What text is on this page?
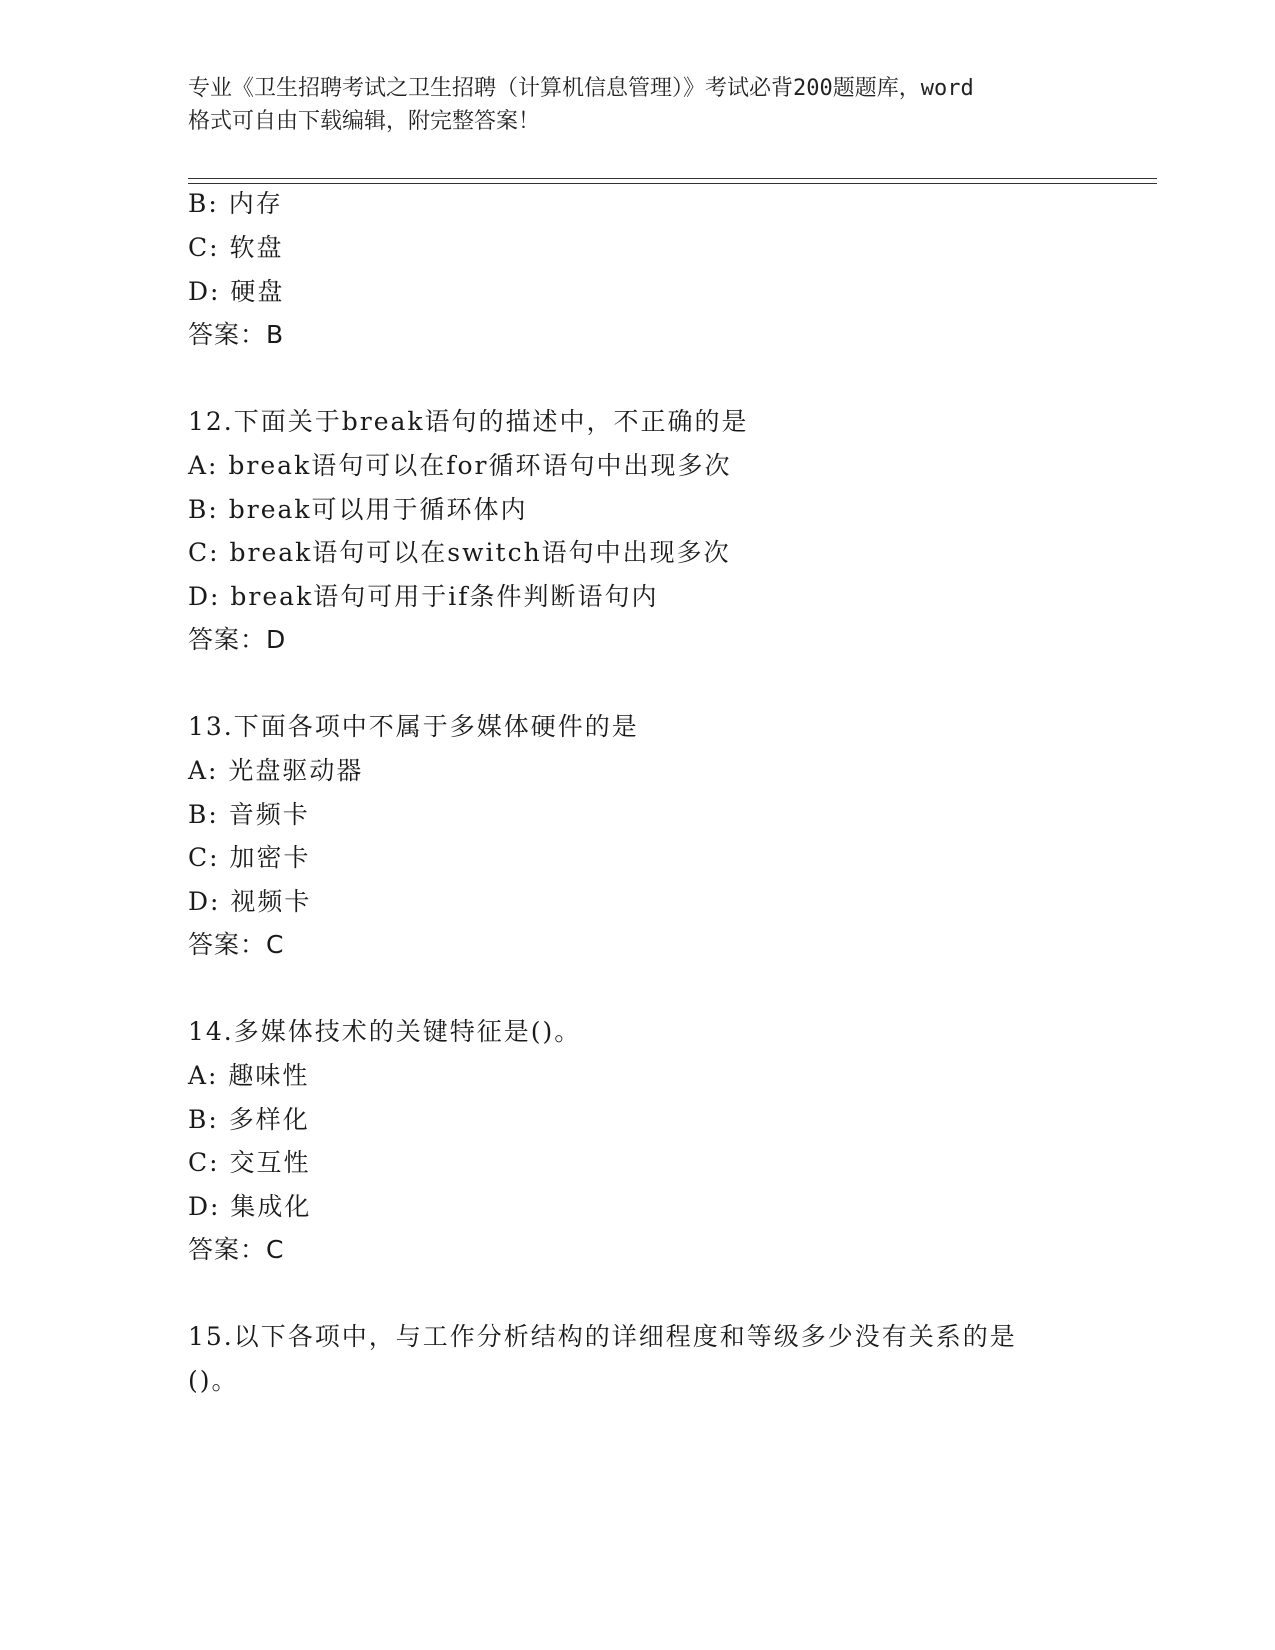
专业《卫生招聘考试之卫生招聘（计算机信息管理）》考试必背200题题库，word
格式可自由下载编辑，附完整答案！
B: 内存
C: 软盘
D: 硬盘
答案：B
12.下面关于break语句的描述中，不正确的是
A: break语句可以在for循环语句中出现多次
B: break可以用于循环体内
C: break语句可以在switch语句中出现多次
D: break语句可用于if条件判断语句内
答案：D
13.下面各项中不属于多媒体硬件的是
A: 光盘驱动器
B: 音频卡
C: 加密卡
D: 视频卡
答案：C
14.多媒体技术的关键特征是()。
A: 趣味性
B: 多样化
C: 交互性
D: 集成化
答案：C
15.以下各项中，与工作分析结构的详细程度和等级多少没有关系的是
()。
